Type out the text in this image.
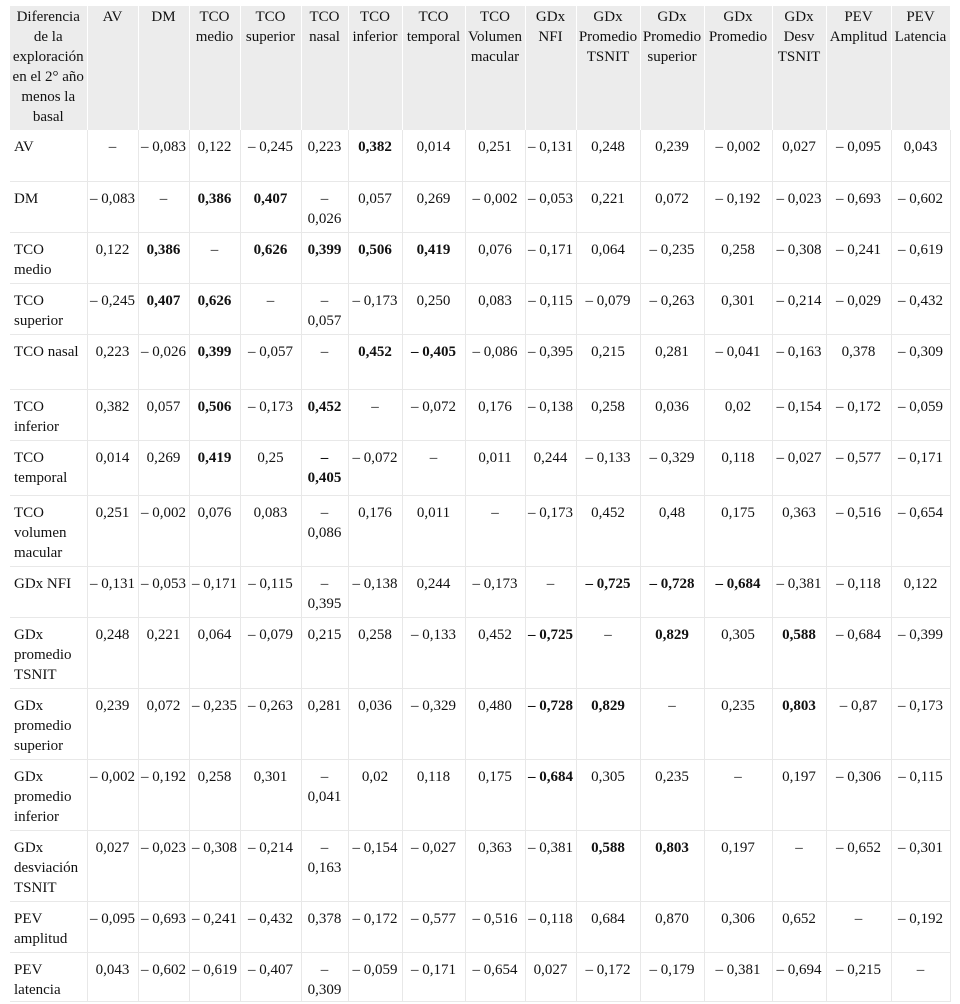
Diferencia de la exploración en el 2° año menos la basal	AV	DM	TCO medio	TCO superior	TCO nasal	TCO inferior	TCO temporal	TCO Volumen macular	GDx NFI	GDx Promedio TSNIT	GDx Promedio superior	GDx Promedio	GDx Desv TSNIT	PEV Amplitud	PEV Latencia
AV	–	– 0,083	0,122	– 0,245	0,223	0,382	0,014	0,251	– 0,131	0,248	0,239	– 0,002	0,027	– 0,095	0,043
DM	– 0,083	–	0,386	0,407	– 0,026	0,057	0,269	– 0,002	– 0,053	0,221	0,072	– 0,192	– 0,023	– 0,693	– 0,602
TCO medio	0,122	0,386	–	0,626	0,399	0,506	0,419	0,076	– 0,171	0,064	– 0,235	0,258	– 0,308	– 0,241	– 0,619
TCO superior	– 0,245	0,407	0,626	–	– 0,057	– 0,173	0,250	0,083	– 0,115	– 0,079	– 0,263	0,301	– 0,214	– 0,029	– 0,432
TCO nasal	0,223	– 0,026	0,399	– 0,057	–	0,452	– 0,405	– 0,086	– 0,395	0,215	0,281	– 0,041	– 0,163	0,378	– 0,309
TCO inferior	0,382	0,057	0,506	– 0,173	0,452	–	– 0,072	0,176	– 0,138	0,258	0,036	0,02	– 0,154	– 0,172	– 0,059
TCO temporal	0,014	0,269	0,419	0,25	– 0,405	– 0,072	–	0,011	0,244	– 0,133	– 0,329	0,118	– 0,027	– 0,577	– 0,171
TCO volumen macular	0,251	– 0,002	0,076	0,083	– 0,086	0,176	0,011	–	– 0,173	0,452	0,48	0,175	0,363	– 0,516	– 0,654
GDx NFI	– 0,131	– 0,053	– 0,171	– 0,115	– 0,395	– 0,138	0,244	– 0,173	–	– 0,725	– 0,728	– 0,684	– 0,381	– 0,118	0,122
GDx promedio TSNIT	0,248	0,221	0,064	– 0,079	0,215	0,258	– 0,133	0,452	– 0,725	–	0,829	0,305	0,588	– 0,684	– 0,399
GDx promedio superior	0,239	0,072	– 0,235	– 0,263	0,281	0,036	– 0,329	0,480	– 0,728	0,829	–	0,235	0,803	– 0,87	– 0,173
GDx promedio inferior	– 0,002	– 0,192	0,258	0,301	– 0,041	0,02	0,118	0,175	– 0,684	0,305	0,235	–	0,197	– 0,306	– 0,115
GDx desviación TSNIT	0,027	– 0,023	– 0,308	– 0,214	– 0,163	– 0,154	– 0,027	0,363	– 0,381	0,588	0,803	0,197	–	– 0,652	– 0,301
PEV amplitud	– 0,095	– 0,693	– 0,241	– 0,432	0,378	– 0,172	– 0,577	– 0,516	– 0,118	0,684	0,870	0,306	0,652	–	– 0,192
PEV latencia	0,043	– 0,602	– 0,619	– 0,407	– 0,309	– 0,059	– 0,171	– 0,654	0,027	– 0,172	– 0,179	– 0,381	– 0,694	– 0,215	–
